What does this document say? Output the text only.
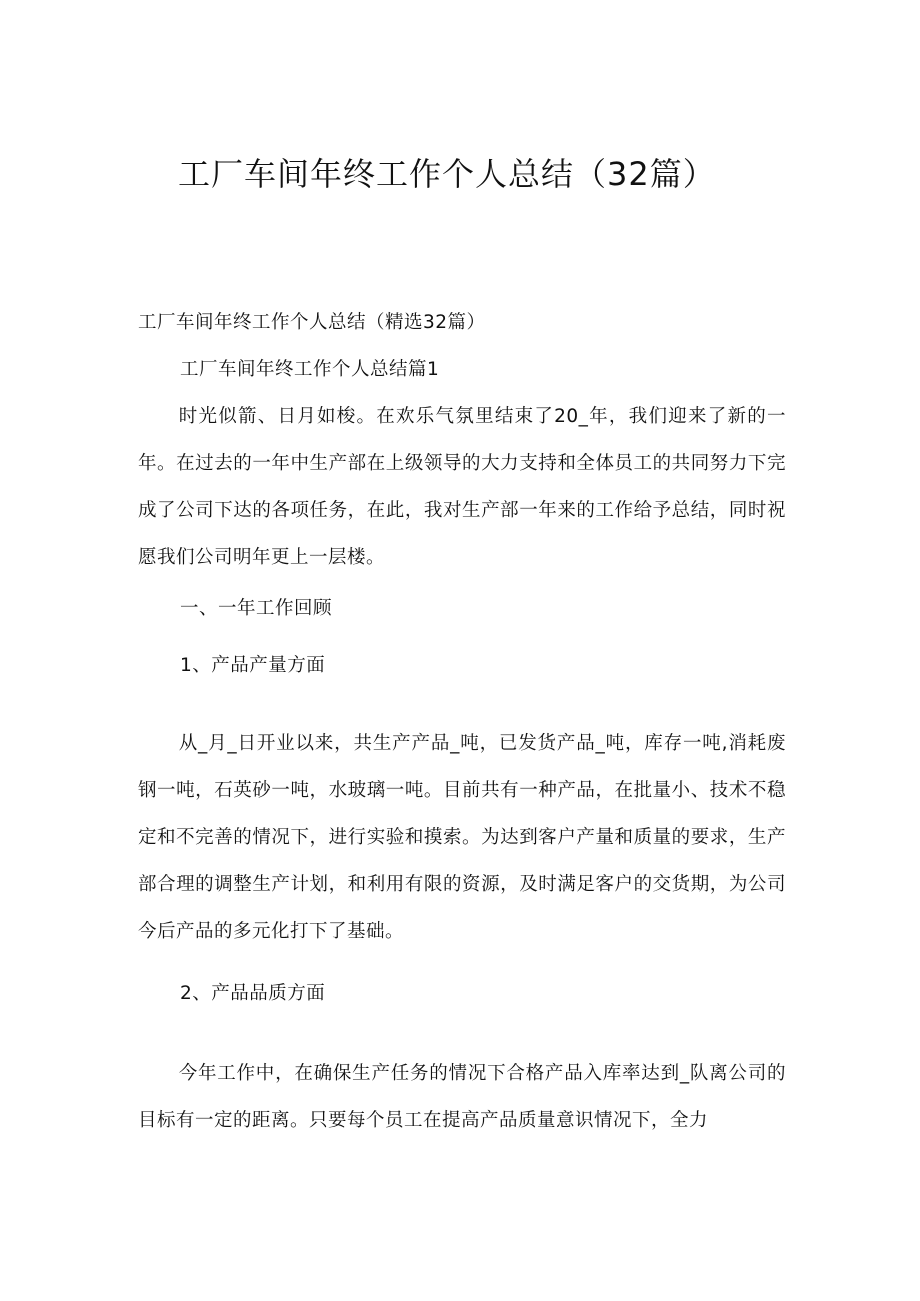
工厂车间年终工作个人总结（32篇）
工厂车间年终工作个人总结（精选32篇）
工厂车间年终工作个人总结篇1

时光似箭、日月如梭。在欢乐气氛里结束了20_年，我们迎来了新的一年。在过去的一年中生产部在上级领导的大力支持和全体员工的共同努力下完成了公司下达的各项任务，在此，我对生产部一年来的工作给予总结，同时祝愿我们公司明年更上一层楼。

一、一年工作回顾
1、产品产量方面

从_月_日开业以来，共生产产品_吨，已发货产品_吨，库存一吨,消耗废钢一吨，石英砂一吨，水玻璃一吨。目前共有一种产品，在批量小、技术不稳定和不完善的情况下，进行实验和摸索。为达到客户产量和质量的要求，生产部合理的调整生产计划，和利用有限的资源，及时满足客户的交货期，为公司今后产品的多元化打下了基础。

2、产品品质方面

今年工作中，在确保生产任务的情况下合格产品入库率达到_队离公司的目标有一定的距离。只要每个员工在提高产品质量意识情况下，全力
